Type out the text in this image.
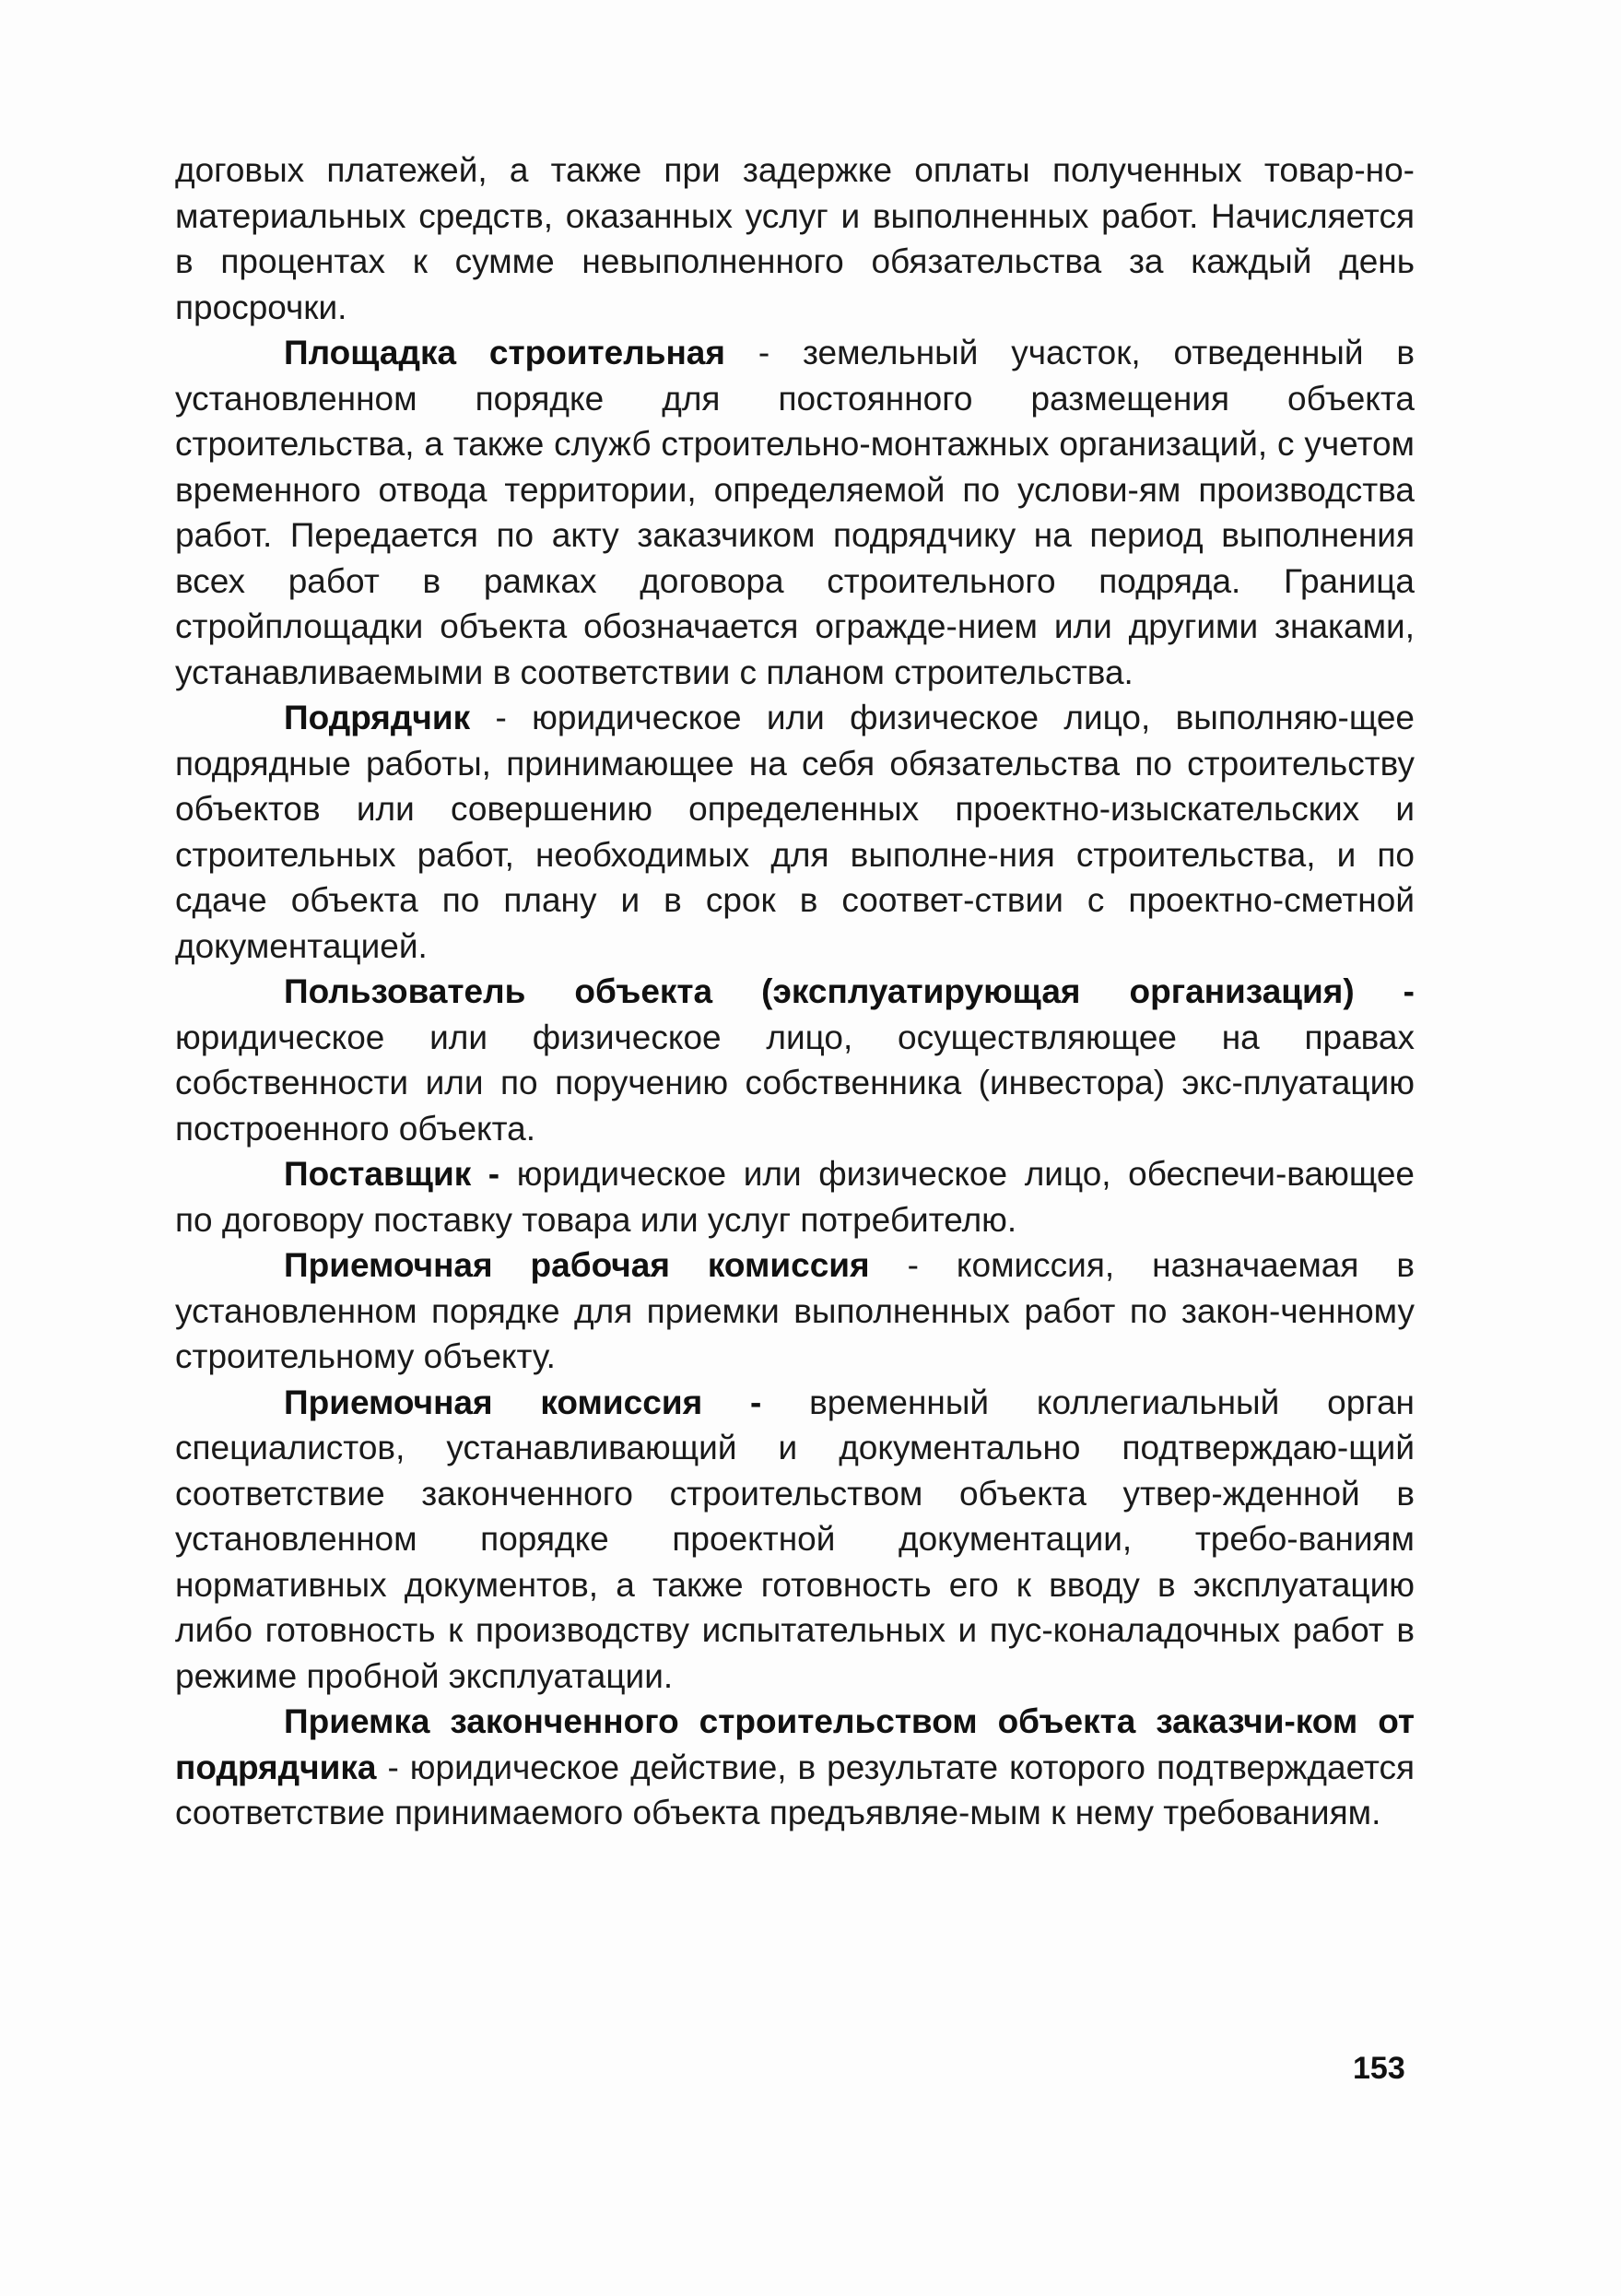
договых платежей, а также при задержке оплаты полученных товар-но-материальных средств, оказанных услуг и выполненных работ. Начисляется в процентах к сумме невыполненного обязательства за каждый день просрочки.

Площадка строительная - земельный участок, отведенный в установленном порядке для постоянного размещения объекта строительства, а также служб строительно-монтажных организаций, с учетом временного отвода территории, определяемой по услови-ям производства работ. Передается по акту заказчиком подрядчику на период выполнения всех работ в рамках договора строительного подряда. Граница стройплощадки объекта обозначается огражде-нием или другими знаками, устанавливаемыми в соответствии с планом строительства.

Подрядчик - юридическое или физическое лицо, выполняю-щее подрядные работы, принимающее на себя обязательства по строительству объектов или совершению определенных проектно-изыскательских и строительных работ, необходимых для выполне-ния строительства, и по сдаче объекта по плану и в срок в соответ-ствии с проектно-сметной документацией.

Пользователь объекта (эксплуатирующая организация) - юридическое или физическое лицо, осуществляющее на правах собственности или по поручению собственника (инвестора) экс-плуатацию построенного объекта.

Поставщик - юридическое или физическое лицо, обеспечи-вающее по договору поставку товара или услуг потребителю.

Приемочная рабочая комиссия - комиссия, назначаемая в установленном порядке для приемки выполненных работ по закон-ченному строительному объекту.

Приемочная комиссия - временный коллегиальный орган специалистов, устанавливающий и документально подтверждаю-щий соответствие законченного строительством объекта утвер-жденной в установленном порядке проектной документации, требо-ваниям нормативных документов, а также готовность его к вводу в эксплуатацию либо готовность к производству испытательных и пус-коналадочных работ в режиме пробной эксплуатации.

Приемка законченного строительством объекта заказчи-ком от подрядчика - юридическое действие, в результате которого подтверждается соответствие принимаемого объекта предъявляе-мым к нему требованиям.

153
